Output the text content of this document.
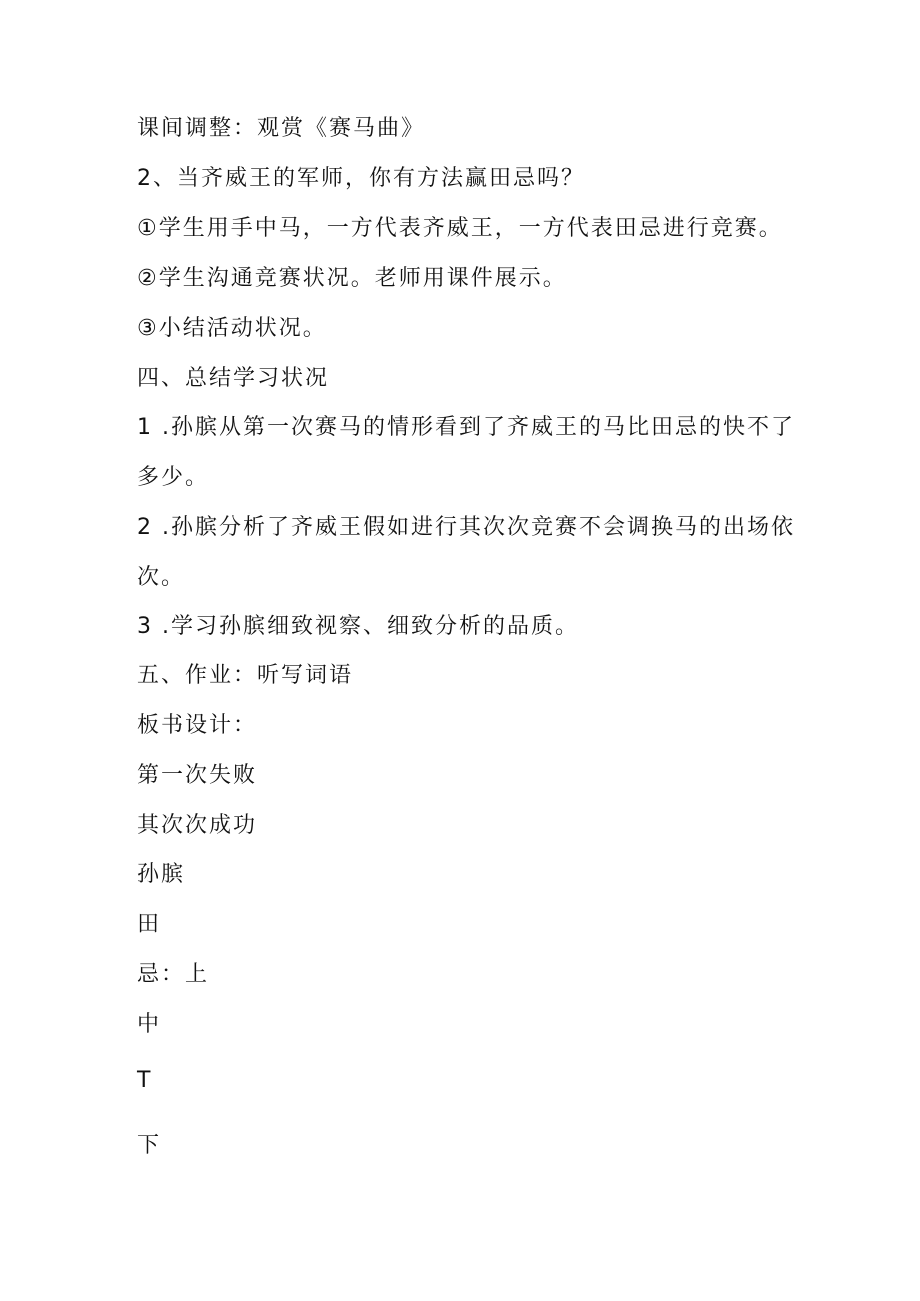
课间调整：观赏《赛马曲》

2、当齐威王的军师，你有方法赢田忌吗？

①学生用手中马，一方代表齐威王，一方代表田忌进行竞赛。

②学生沟通竞赛状况。老师用课件展示。

③小结活动状况。

四、总结学习状况

1 .孙膑从第一次赛马的情形看到了齐威王的马比田忌的快不了

多少。

2 .孙膑分析了齐威王假如进行其次次竞赛不会调换马的出场依

次。

3 .学习孙膑细致视察、细致分析的品质。

五、作业：听写词语

板书设计：

第一次失败

其次次成功

孙膑

田

忌：上

中

T

下
